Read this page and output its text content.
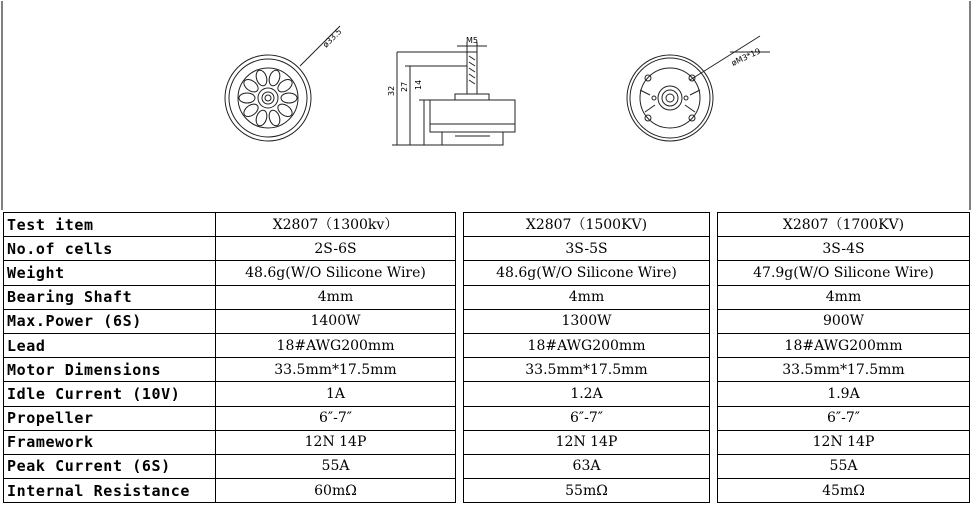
ø33.5	M5
32 27 14
øM3*19
Test item	X2807（1300kv）		X2807（1500KV)		X2807（1700KV)
No.of cells	2S-6S		3S-5S		3S-4S
Weight	48.6g(W/O Silicone Wire)		48.6g(W/O Silicone Wire)		47.9g(W/O Silicone Wire)
Bearing Shaft	4mm		4mm		4mm
Max.Power (6S)	1400W		1300W		900W
Lead	18#AWG200mm		18#AWG200mm		18#AWG200mm
Motor Dimensions	33.5mm*17.5mm		33.5mm*17.5mm		33.5mm*17.5mm
Idle Current (10V)	1A		1.2A		1.9A
Propeller	6″-7″		6″-7″		6″-7″
Framework	12N 14P		12N 14P		12N 14P
Peak Current (6S)	55A		63A		55A
Internal Resistance	60mΩ		55mΩ		45mΩ
